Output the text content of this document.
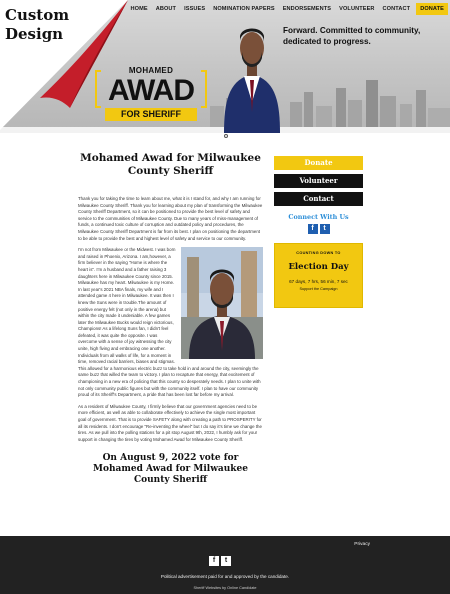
Custom Design
HOME	ABOUT	ISSUES	NOMINATION PAPERS	ENDORSEMENTS	VOLUNTEER	CONTACT	DONATE
MOHAMED
AWAD
FOR SHERIFF
Forward. Committed to community, dedicated to progress.
Mohamed Awad for Milwaukee County Sheriff

Thank you for taking the time to learn about me, what it is I stand for, and why I am running for Milwaukee County Sheriff. Thank you for learning about my plan of transforming the Milwaukee County Sheriff Department, so it can be positioned to provide the best level of safety and service to the communities of Milwaukee County. Due to many years of miss-management of funds, a continued toxic culture of corruption and outdated policy and procedures, the Milwaukee County Sheriff Department is far from its best. I plan on positioning the department to be able to provide the best and highest level of safety and service to our community.

I'm not from Milwaukee or the Midwest. I was born and raised in Phoenix, Arizona. I am,however, a firm believer in the saying "Home is where the heart is". I'm a husband and a father raising 3 daughters here in Milwaukee County since 2015. Milwaukee has my heart. Milwaukee is my Home. In last year's 2021 NBA finals, my wife and I attended game 4 here in Milwaukee. It was then I knew the Suns were in trouble.The amount of positive energy felt (not only in the arena) but within the city made it undeniable. A few games later the Milwaukee Bucks would reign victorious, Champions! As a lifelong Suns fan, I didn't feel defeated, it was quite the opposite. I was overcome with a sense of joy witnessing the city unite, high fiving and embracing one another. Individuals from all walks of life, for a moment in time, removed racial barriers, biases and stigmas. This allowed for a harmonious electric buzz to take hold in and around the city, seemingly the same buzz that willed the team to victory. I plan to recapture that energy, that excitement of championing in a new era of policing that this county so desperately needs. I plan to unite with not only community public figures but with the community itself. I plan to have our community proud of its Sheriff's Department, a pride that has been lost far before my arrival.

As a resident of Milwaukee County, I firmly believe that our government agencies need to be more efficient, as well as able to collaborate effectively to achieve the single most important goal of government. That is to provide SAFETY along with creating a path to PROSPERITY for all its residents. I don't encourage "Re-inventing the wheel" but I do say it's time we change the tires. As we pull into the polling stations for a pit stop August 9th, 2022, I humbly ask for your support in changing the tires by voting Mohamed Awad for Milwaukee County Sheriff.

On August 9, 2022 vote for Mohamed Awad for Milwaukee County Sheriff
Donate
Volunteer
Contact
Connect With Us
f	t
COUNTING DOWN TO
Election Day
67 days, 7 hrs, 56 min, 7 sec
Support the Campaign
Privacy
f	t
Political advertisement paid for and approved by the candidate.
Sheriff Websites by Online Candidate
